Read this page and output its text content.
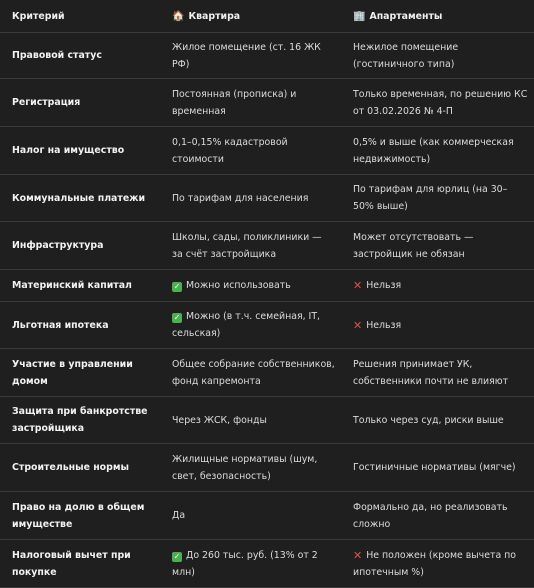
Критерий	🏠 Квартира	🏢 Апартаменты
Правовой статус	Жилое помещение (ст. 16 ЖК РФ)	Нежилое помещение (гостиничного типа)
Регистрация	Постоянная (прописка) и временная	Только временная, по решению КС от 03.02.2026 № 4-П
Налог на имущество	0,1–0,15% кадастровой стоимости	0,5% и выше (как коммерческая недвижимость)
Коммунальные платежи	По тарифам для населения	По тарифам для юрлиц (на 30–50% выше)
Инфраструктура	Школы, сады, поликлиники — за счёт застройщика	Может отсутствовать — застройщик не обязан
Материнский капитал	✓ Можно использовать	✕ Нельзя
Льготная ипотека	✓ Можно (в т.ч. семейная, IT, сельская)	✕ Нельзя
Участие в управлении домом	Общее собрание собственников, фонд капремонта	Решения принимает УК, собственники почти не влияют
Защита при банкротстве застройщика	Через ЖСК, фонды	Только через суд, риски выше
Строительные нормы	Жилищные нормативы (шум, свет, безопасность)	Гостиничные нормативы (мягче)
Право на долю в общем имуществе	Да	Формально да, но реализовать сложно
Налоговый вычет при покупке	✓ До 260 тыс. руб. (13% от 2 млн)	✕ Не положен (кроме вычета по ипотечным %)
